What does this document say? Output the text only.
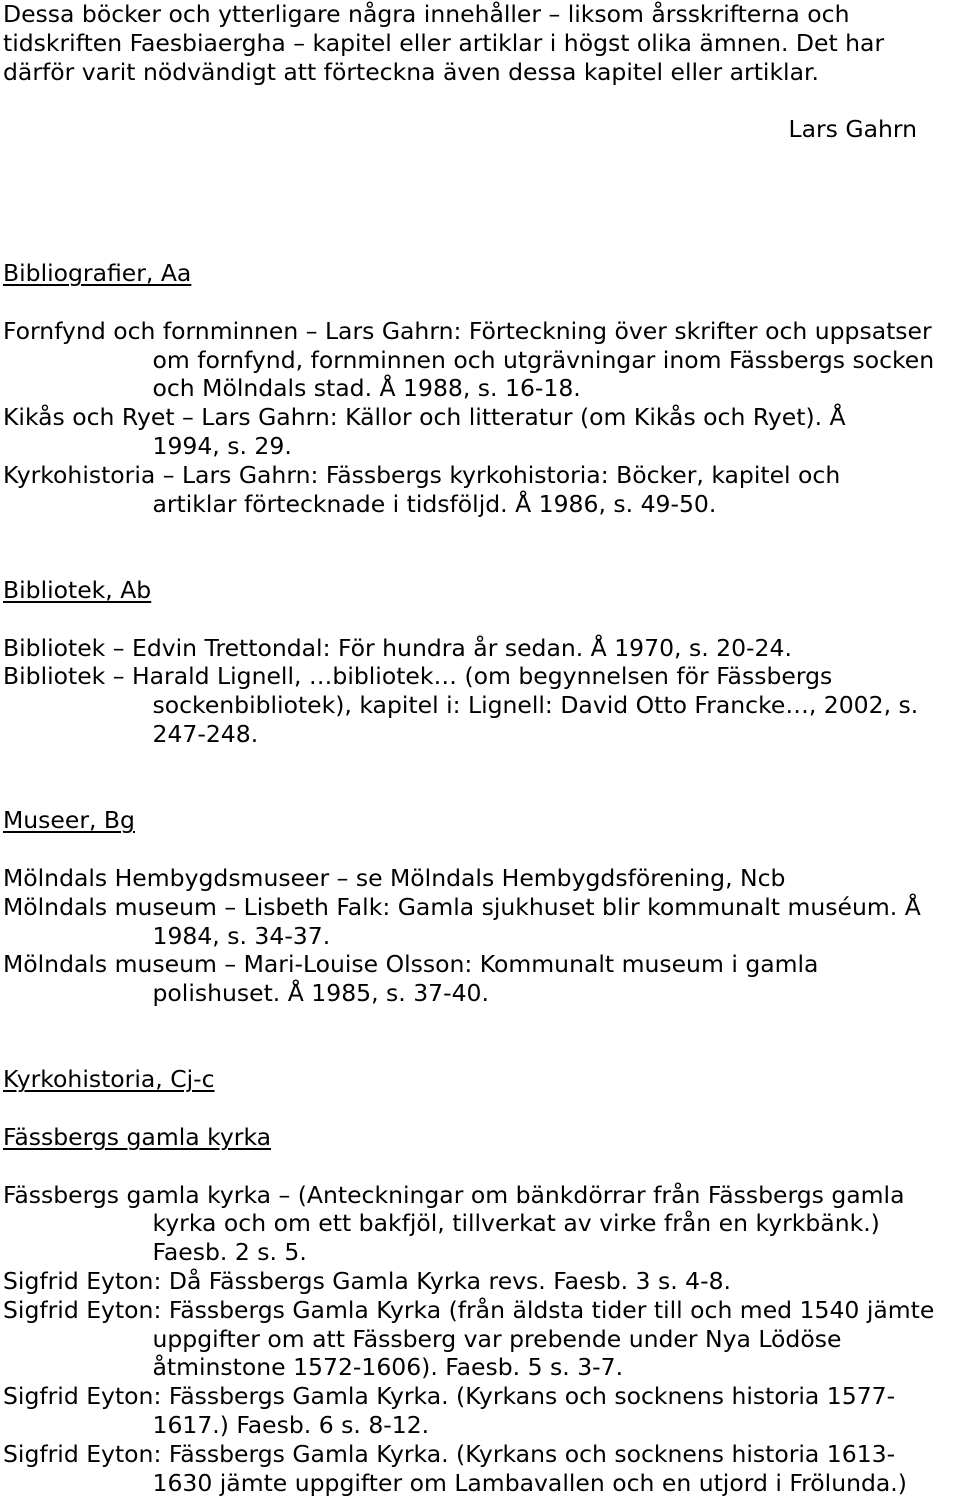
Dessa böcker och ytterligare några innehåller – liksom årsskrifterna och
tidskriften Faesbiaergha – kapitel eller artiklar i högst olika ämnen. Det har
därför varit nödvändigt att förteckna även dessa kapitel eller artiklar.
Lars Gahrn
Bibliografier, Aa
Fornfynd och fornminnen – Lars Gahrn: Förteckning över skrifter och uppsatser
om fornfynd, fornminnen och utgrävningar inom Fässbergs socken
och Mölndals stad. Å 1988, s. 16-18.
Kikås och Ryet – Lars Gahrn: Källor och litteratur (om Kikås och Ryet). Å
1994, s. 29.
Kyrkohistoria – Lars Gahrn: Fässbergs kyrkohistoria: Böcker, kapitel och
artiklar förtecknade i tidsföljd. Å 1986, s. 49-50.
Bibliotek, Ab
Bibliotek – Edvin Trettondal: För hundra år sedan. Å 1970, s. 20-24.
Bibliotek – Harald Lignell, …bibliotek… (om begynnelsen för Fässbergs
sockenbibliotek), kapitel i: Lignell: David Otto Francke…, 2002, s.
247-248.
Museer, Bg
Mölndals Hembygdsmuseer – se Mölndals Hembygdsförening, Ncb
Mölndals museum – Lisbeth Falk: Gamla sjukhuset blir kommunalt muséum. Å
1984, s. 34-37.
Mölndals museum – Mari-Louise Olsson: Kommunalt museum i gamla
polishuset. Å 1985, s. 37-40.
Kyrkohistoria, Cj-c
Fässbergs gamla kyrka
Fässbergs gamla kyrka – (Anteckningar om bänkdörrar från Fässbergs gamla
kyrka och om ett bakfjöl, tillverkat av virke från en kyrkbänk.)
Faesb. 2 s. 5.
Sigfrid Eyton: Då Fässbergs Gamla Kyrka revs. Faesb. 3 s. 4-8.
Sigfrid Eyton: Fässbergs Gamla Kyrka (från äldsta tider till och med 1540 jämte
uppgifter om att Fässberg var prebende under Nya Lödöse
åtminstone 1572-1606). Faesb. 5 s. 3-7.
Sigfrid Eyton: Fässbergs Gamla Kyrka. (Kyrkans och socknens historia 1577-
1617.) Faesb. 6 s. 8-12.
Sigfrid Eyton: Fässbergs Gamla Kyrka. (Kyrkans och socknens historia 1613-
1630 jämte uppgifter om Lambavallen och en utjord i Frölunda.)
